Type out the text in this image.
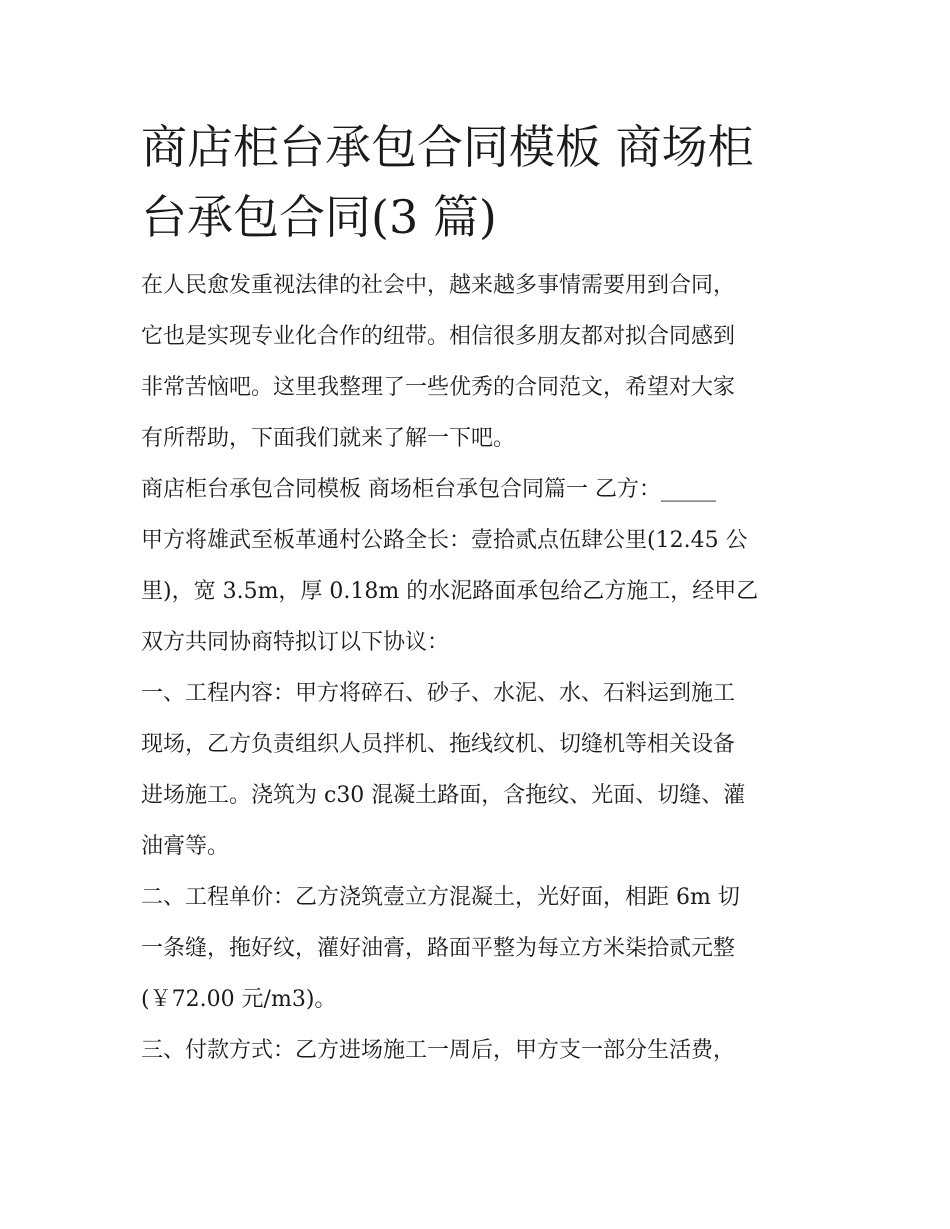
商店柜台承包合同模板 商场柜
台承包合同(3 篇)

在人民愈发重视法律的社会中，越来越多事情需要用到合同，
它也是实现专业化合作的纽带。相信很多朋友都对拟合同感到
非常苦恼吧。这里我整理了一些优秀的合同范文，希望对大家
有所帮助，下面我们就来了解一下吧。

商店柜台承包合同模板 商场柜台承包合同篇一 乙方：_____

甲方将雄武至板革通村公路全长：壹拾贰点伍肆公里(12.45 公
里)，宽 3.5m，厚 0.18m 的水泥路面承包给乙方施工，经甲乙
双方共同协商特拟订以下协议：

一、工程内容：甲方将碎石、砂子、水泥、水、石料运到施工
现场，乙方负责组织人员拌机、拖线纹机、切缝机等相关设备
进场施工。浇筑为 c30 混凝土路面，含拖纹、光面、切缝、灌
油膏等。

二、工程单价：乙方浇筑壹立方混凝土，光好面，相距 6m 切
一条缝，拖好纹，灌好油膏，路面平整为每立方米柒拾贰元整
(￥72.00 元/m3)。

三、付款方式：乙方进场施工一周后，甲方支一部分生活费，
